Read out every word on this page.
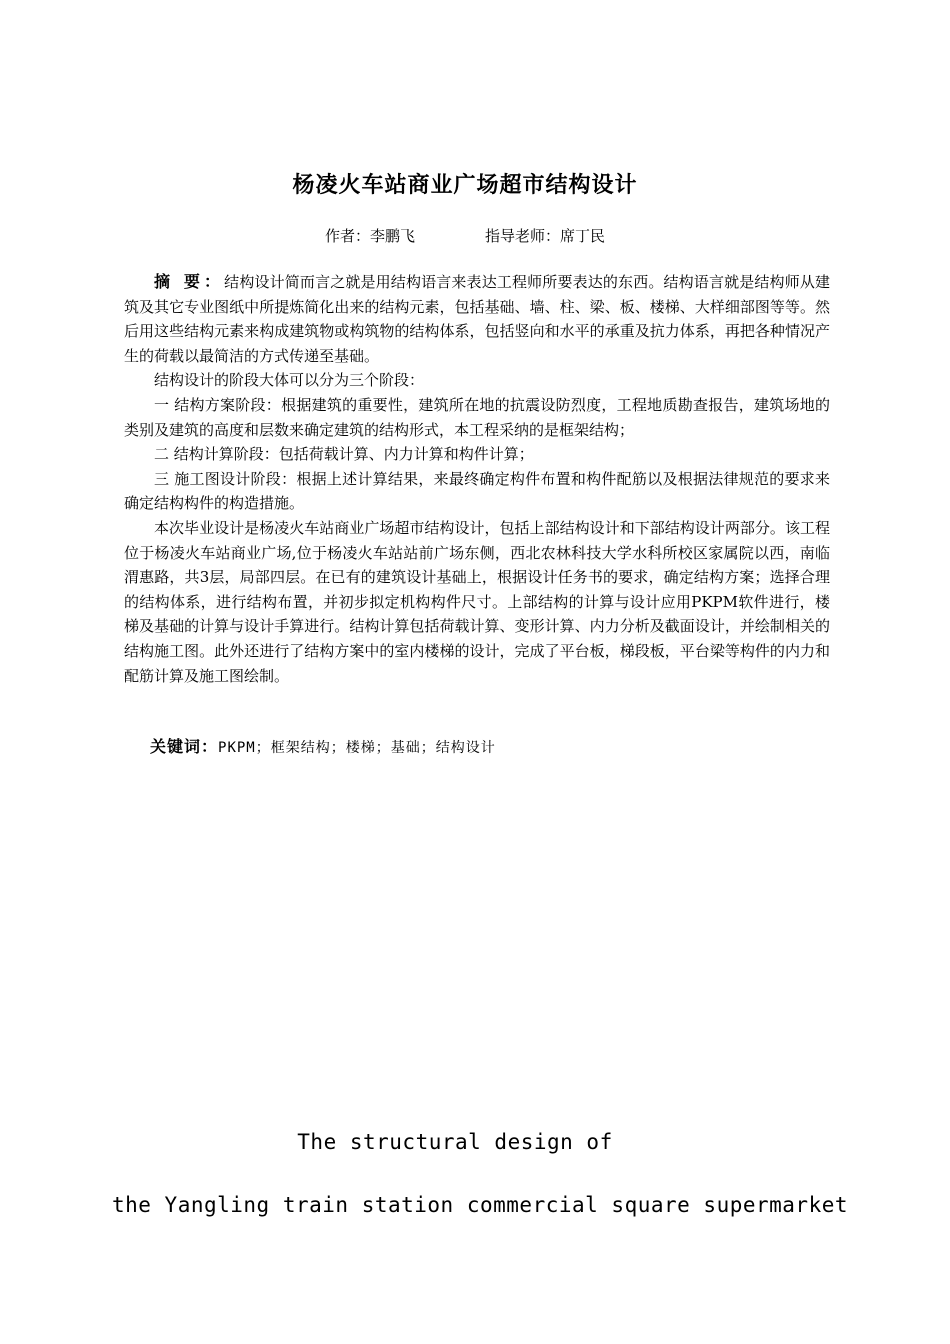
杨凌火车站商业广场超市结构设计
作者：李鹏飞	指导老师：席丁民

摘 要：结构设计简而言之就是用结构语言来表达工程师所要表达的东西。结构语言就是结构师从建筑及其它专业图纸中所提炼简化出来的结构元素，包括基础、墙、柱、梁、板、楼梯、大样细部图等等。然后用这些结构元素来构成建筑物或构筑物的结构体系，包括竖向和水平的承重及抗力体系，再把各种情况产生的荷载以最简洁的方式传递至基础。

结构设计的阶段大体可以分为三个阶段：

一 结构方案阶段：根据建筑的重要性，建筑所在地的抗震设防烈度，工程地质勘查报告，建筑场地的类别及建筑的高度和层数来确定建筑的结构形式，本工程采纳的是框架结构；

二 结构计算阶段：包括荷载计算、内力计算和构件计算；

三 施工图设计阶段：根据上述计算结果，来最终确定构件布置和构件配筋以及根据法律规范的要求来确定结构构件的构造措施。

本次毕业设计是杨凌火车站商业广场超市结构设计，包括上部结构设计和下部结构设计两部分。该工程位于杨凌火车站商业广场,位于杨凌火车站站前广场东侧，西北农林科技大学水科所校区家属院以西，南临渭惠路，共3层，局部四层。在已有的建筑设计基础上，根据设计任务书的要求，确定结构方案；选择合理的结构体系，进行结构布置，并初步拟定机构构件尺寸。上部结构的计算与设计应用PKPM软件进行，楼梯及基础的计算与设计手算进行。结构计算包括荷载计算、变形计算、内力分析及截面设计，并绘制相关的结构施工图。此外还进行了结构方案中的室内楼梯的设计，完成了平台板，梯段板，平台梁等构件的内力和配筋计算及施工图绘制。

关键词：PKPM；框架结构；楼梯；基础；结构设计
The structural design of
the Yangling train station commercial square supermarket
